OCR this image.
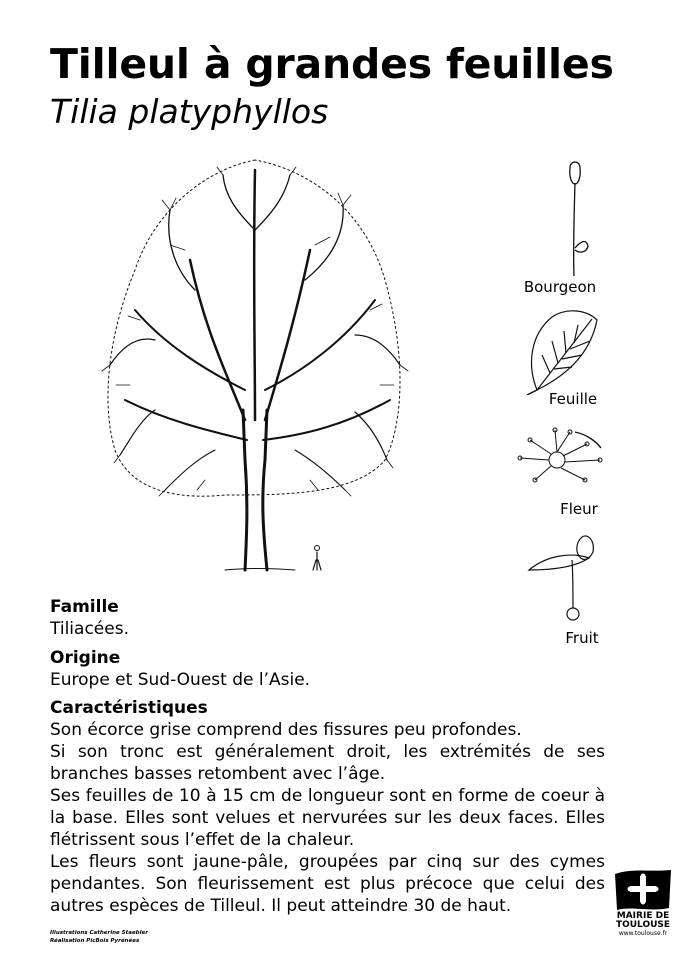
Tilleul à grandes feuilles
Tilia platyphyllos
Bourgeon
Feuille
Fleur
Fruit
Famille

Tiliacées.

Origine

Europe et Sud-Ouest de l’Asie.

Caractéristiques

Son écorce grise comprend des fissures peu profondes.

Si son tronc est généralement droit, les extrémités de ses branches basses retombent avec l’âge.

Ses feuilles de 10 à 15 cm de longueur sont en forme de coeur à la base. Elles sont velues et nervurées sur les deux faces. Elles flétrissent sous l’effet de la chaleur.

Les fleurs sont jaune-pâle, groupées par cinq sur des cymes pendantes. Son fleurissement est plus précoce que celui des autres espèces de Tilleul. Il peut atteindre 30 de haut.

Illustrations Catherine Staebler
Réalisation PicBois Pyrénées
MAIRIE DE
TOULOUSE
www.toulouse.fr
